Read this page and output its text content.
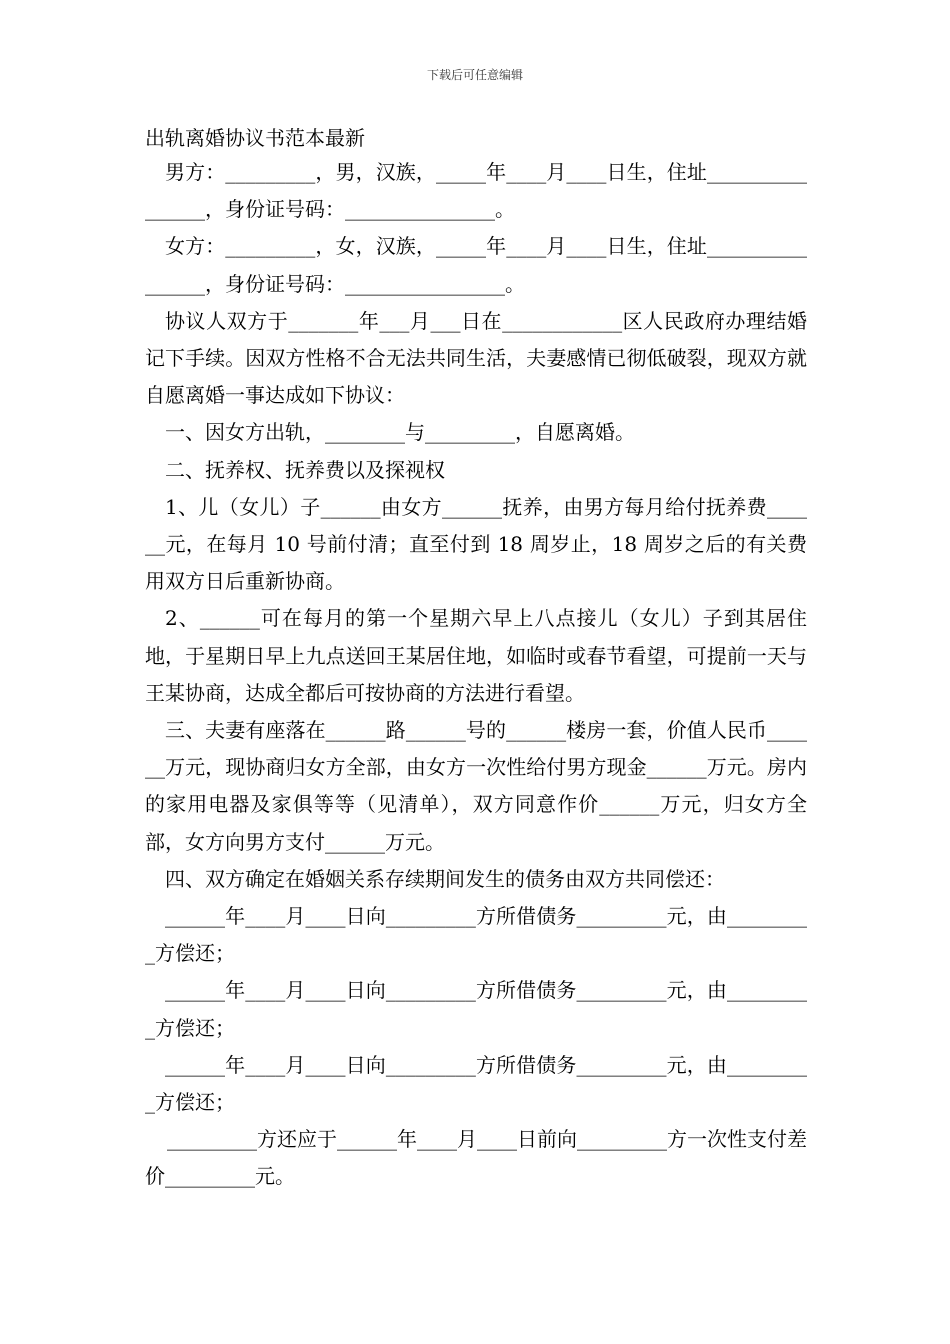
下载后可任意编辑
出轨离婚协议书范本最新

男方：_________，男，汉族，_____年____月____日生，住址________________，身份证号码：_______________。

女方：_________，女，汉族，_____年____月____日生，住址________________，身份证号码：________________。

协议人双方于_______年___月___日在____________区人民政府办理结婚记下手续。因双方性格不合无法共同生活，夫妻感情已彻低破裂，现双方就自愿离婚一事达成如下协议：

一、因女方出轨，________与_________，自愿离婚。

二、抚养权、抚养费以及探视权

1、儿（女儿）子______由女方______抚养，由男方每月给付抚养费______元，在每月 10 号前付清；直至付到 18 周岁止，18 周岁之后的有关费用双方日后重新协商。

2、______可在每月的第一个星期六早上八点接儿（女儿）子到其居住地，于星期日早上九点送回王某居住地，如临时或春节看望，可提前一天与王某协商，达成全都后可按协商的方法进行看望。

三、夫妻有座落在______路______号的______楼房一套，价值人民币______万元，现协商归女方全部，由女方一次性给付男方现金______万元。房内的家用电器及家俱等等（见清单），双方同意作价______万元，归女方全部，女方向男方支付______万元。

四、双方确定在婚姻关系存续期间发生的债务由双方共同偿还：

______年____月____日向_________方所借债务_________元，由_________方偿还；

______年____月____日向_________方所借债务_________元，由_________方偿还；

______年____月____日向_________方所借债务_________元，由_________方偿还；

_________方还应于______年____月____日前向_________方一次性支付差价_________元。
